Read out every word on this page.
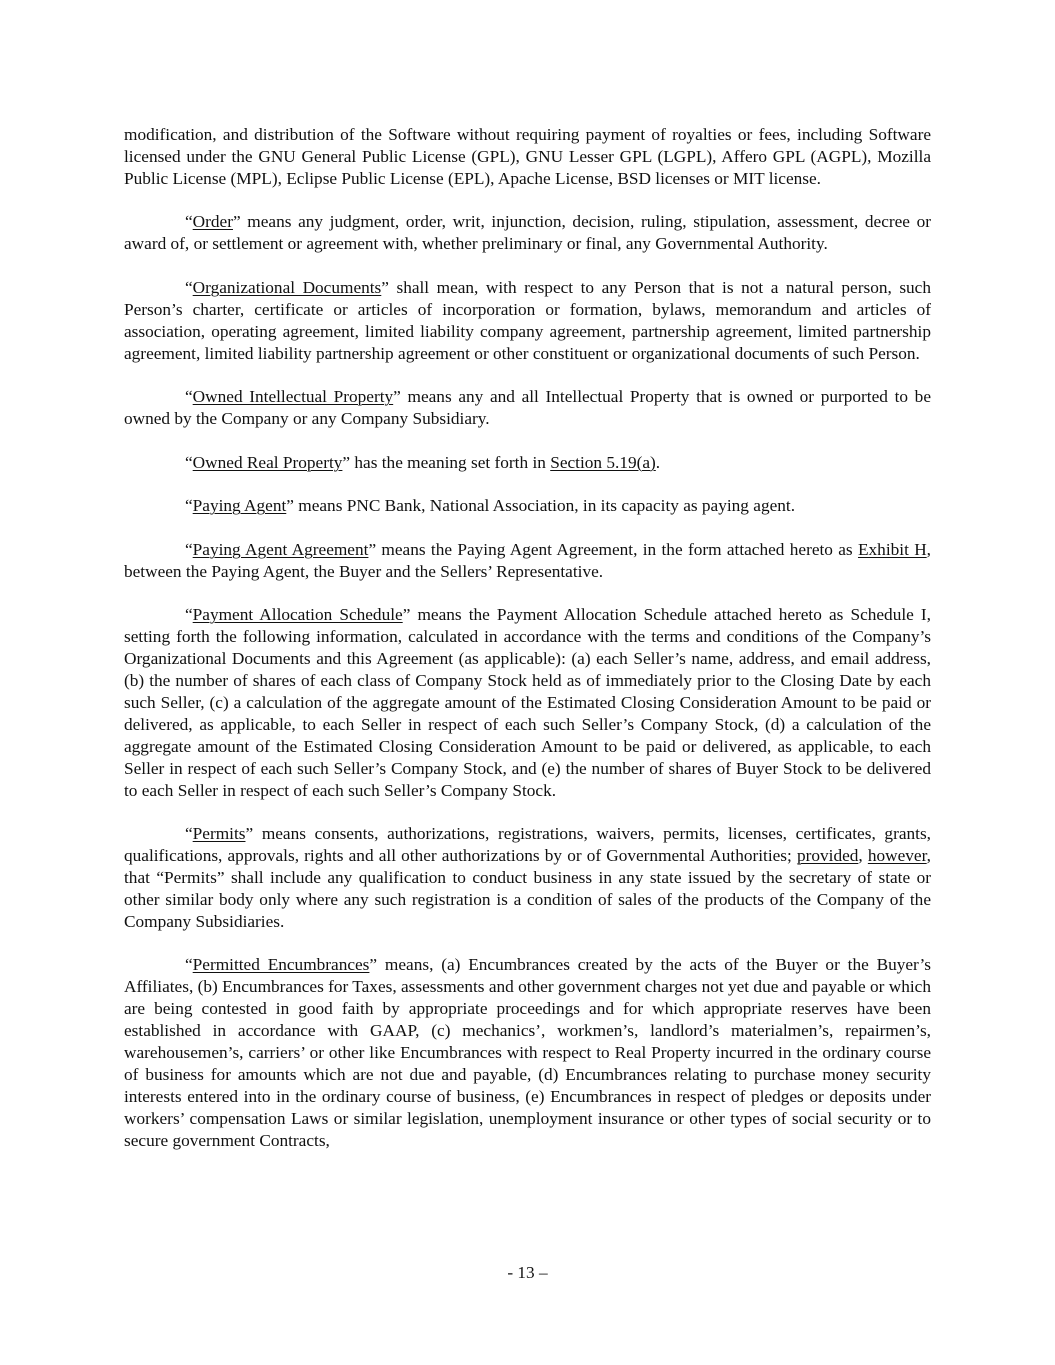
modification, and distribution of the Software without requiring payment of royalties or fees, including Software licensed under the GNU General Public License (GPL), GNU Lesser GPL (LGPL), Affero GPL (AGPL), Mozilla Public License (MPL), Eclipse Public License (EPL), Apache License, BSD licenses or MIT license.

“Order” means any judgment, order, writ, injunction, decision, ruling, stipulation, assessment, decree or award of, or settlement or agreement with, whether preliminary or final, any Governmental Authority.

“Organizational Documents” shall mean, with respect to any Person that is not a natural person, such Person’s charter, certificate or articles of incorporation or formation, bylaws, memorandum and articles of association, operating agreement, limited liability company agreement, partnership agreement, limited partnership agreement, limited liability partnership agreement or other constituent or organizational documents of such Person.

“Owned Intellectual Property” means any and all Intellectual Property that is owned or purported to be owned by the Company or any Company Subsidiary.

“Owned Real Property” has the meaning set forth in Section 5.19(a).

“Paying Agent” means PNC Bank, National Association, in its capacity as paying agent.

“Paying Agent Agreement” means the Paying Agent Agreement, in the form attached hereto as Exhibit H, between the Paying Agent, the Buyer and the Sellers’ Representative.

“Payment Allocation Schedule” means the Payment Allocation Schedule attached hereto as Schedule I, setting forth the following information, calculated in accordance with the terms and conditions of the Company’s Organizational Documents and this Agreement (as applicable): (a) each Seller’s name, address, and email address, (b) the number of shares of each class of Company Stock held as of immediately prior to the Closing Date by each such Seller, (c) a calculation of the aggregate amount of the Estimated Closing Consideration Amount to be paid or delivered, as applicable, to each Seller in respect of each such Seller’s Company Stock, (d) a calculation of the aggregate amount of the Estimated Closing Consideration Amount to be paid or delivered, as applicable, to each Seller in respect of each such Seller’s Company Stock, and (e) the number of shares of Buyer Stock to be delivered to each Seller in respect of each such Seller’s Company Stock.

“Permits” means consents, authorizations, registrations, waivers, permits, licenses, certificates, grants, qualifications, approvals, rights and all other authorizations by or of Governmental Authorities; provided, however, that “Permits” shall include any qualification to conduct business in any state issued by the secretary of state or other similar body only where any such registration is a condition of sales of the products of the Company of the Company Subsidiaries.

“Permitted Encumbrances” means, (a) Encumbrances created by the acts of the Buyer or the Buyer’s Affiliates, (b) Encumbrances for Taxes, assessments and other government charges not yet due and payable or which are being contested in good faith by appropriate proceedings and for which appropriate reserves have been established in accordance with GAAP, (c) mechanics’, workmen’s, landlord’s materialmen’s, repairmen’s, warehousemen’s, carriers’ or other like Encumbrances with respect to Real Property incurred in the ordinary course of business for amounts which are not due and payable, (d) Encumbrances relating to purchase money security interests entered into in the ordinary course of business, (e) Encumbrances in respect of pledges or deposits under workers’ compensation Laws or similar legislation, unemployment insurance or other types of social security or to secure government Contracts,

- 13 –
